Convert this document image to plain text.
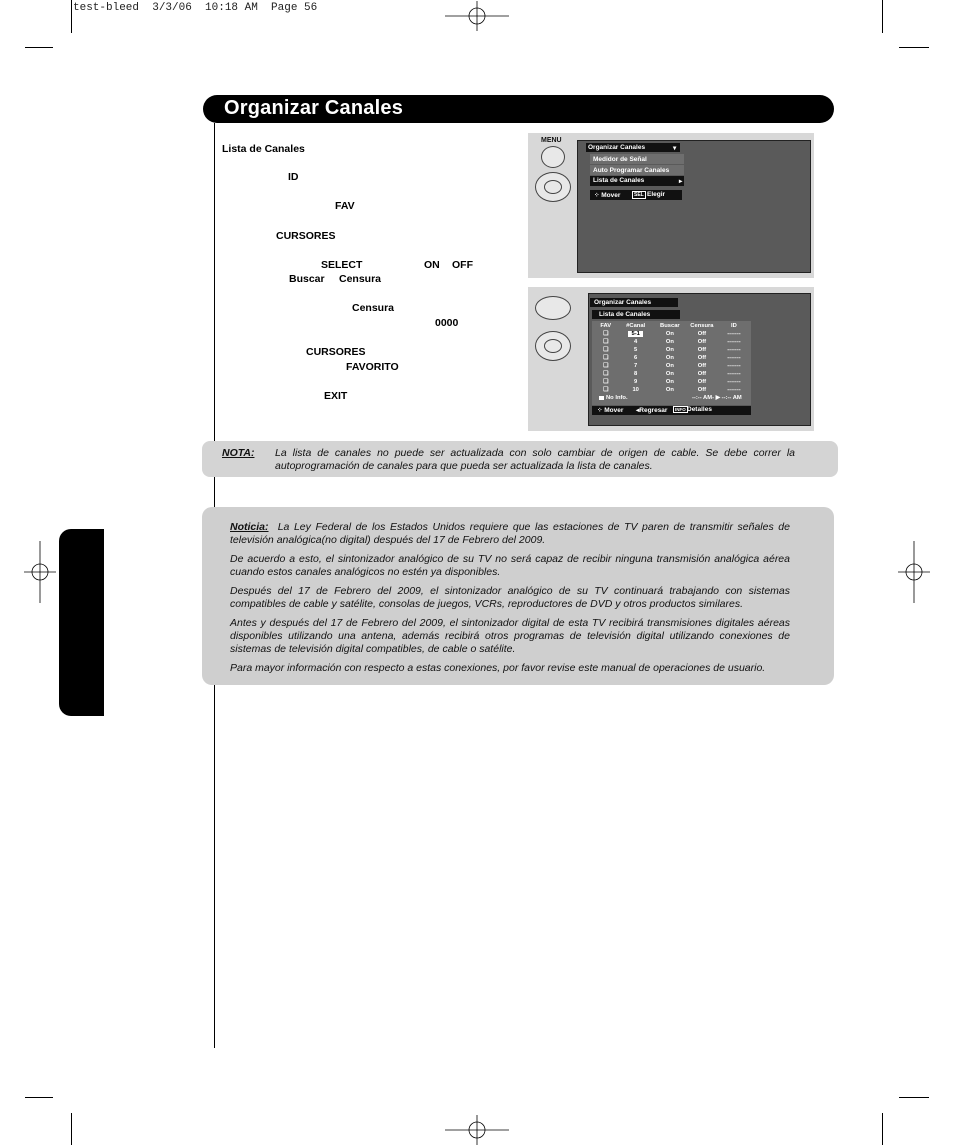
test-bleed  3/3/06  10:18 AM  Page 56
Organizar Canales
Lista de Canales
ID
FAV
CURSORES
SELECT	ON OFF
Buscar Censura
Censura
0000
CURSORES
FAVORITO
EXIT
MENU
Organizar Canales	▾
Medidor de Señal
Auto Programar Canales
Lista de Canales	▸
⁘ Mover	SEL Elegir
Organizar Canales
Lista de Canales
FAV	#Canal	Buscar	Censura	ID
❑	5-1	On	Off	-------
❑	4	On	Off	-------
❑	5	On	Off	-------
❑	6	On	Off	-------
❑	7	On	Off	-------
❑	8	On	Off	-------
❑	9	On	Off	-------
❑	10	On	Off	-------
No Info.	--:-- AM- ▶ --:-- AM
⁘ Mover ◂Regresar	INFO Detalles
NOTA: La lista de canales no puede ser actualizada con solo cambiar de origen de cable. Se debe correr la autoprogramación de canales para que pueda ser actualizada la lista de canales.
Noticia: La Ley Federal de los Estados Unidos requiere que las estaciones de TV paren de transmitir señales de televisión analógica(no digital) después del 17 de Febrero del 2009.
De acuerdo a esto, el sintonizador analógico de su TV no será capaz de recibir ninguna transmisión analógica aérea cuando estos canales analógicos no estén ya disponibles.
Después del 17 de Febrero del 2009, el sintonizador analógico de su TV continuará trabajando con sistemas compatibles de cable y satélite, consolas de juegos, VCRs, reproductores de DVD y otros productos similares.
Antes y después del 17 de Febrero del 2009, el sintonizador digital de esta TV recibirá transmisiones digitales aéreas disponibles utilizando una antena, además recibirá otros programas de televisión digital utilizando conexiones de sistemas de televisión digital compatibles, de cable o satélite.
Para mayor información con respecto a estas conexiones, por favor revise este manual de operaciones de usuario.
